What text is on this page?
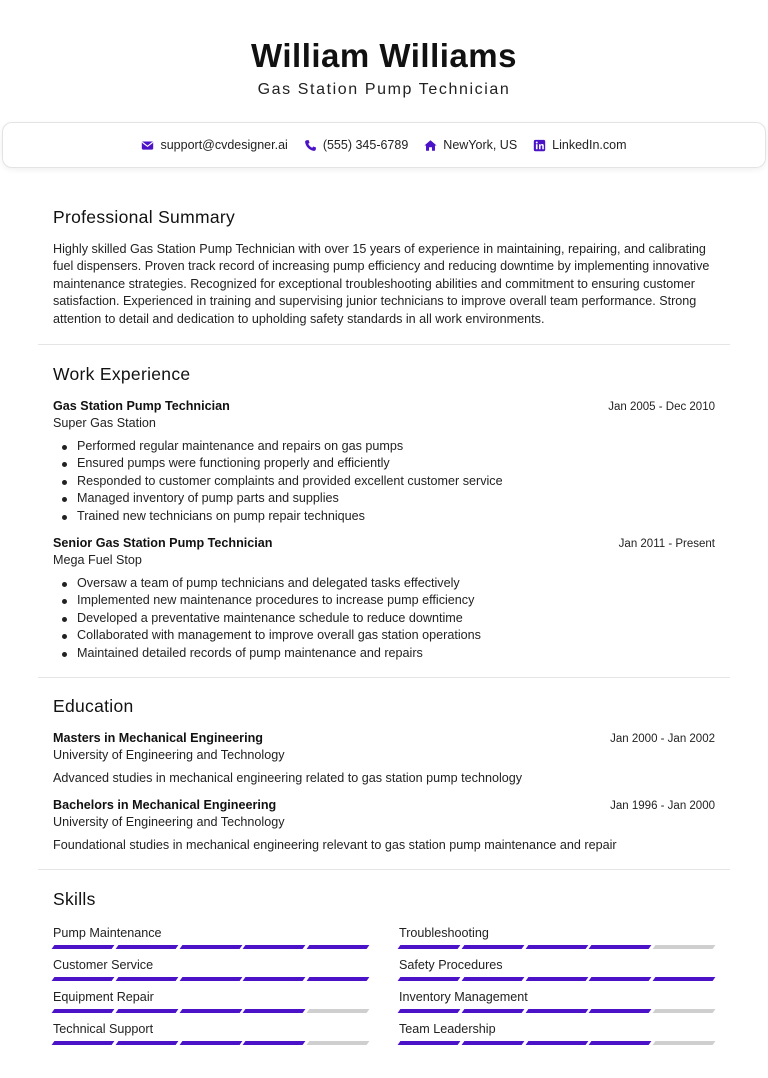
William Williams
Gas Station Pump Technician
support@cvdesigner.ai	(555) 345-6789	NewYork, US	LinkedIn.com
Professional Summary

Highly skilled Gas Station Pump Technician with over 15 years of experience in maintaining, repairing, and calibrating fuel dispensers. Proven track record of increasing pump efficiency and reducing downtime by implementing innovative maintenance strategies. Recognized for exceptional troubleshooting abilities and commitment to ensuring customer satisfaction. Experienced in training and supervising junior technicians to improve overall team performance. Strong attention to detail and dedication to upholding safety standards in all work environments.

Work Experience
Gas Station Pump Technician	Jan 2005 - Dec 2010
Super Gas Station
Performed regular maintenance and repairs on gas pumps
Ensured pumps were functioning properly and efficiently
Responded to customer complaints and provided excellent customer service
Managed inventory of pump parts and supplies
Trained new technicians on pump repair techniques
Senior Gas Station Pump Technician	Jan 2011 - Present
Mega Fuel Stop
Oversaw a team of pump technicians and delegated tasks effectively
Implemented new maintenance procedures to increase pump efficiency
Developed a preventative maintenance schedule to reduce downtime
Collaborated with management to improve overall gas station operations
Maintained detailed records of pump maintenance and repairs
Education
Masters in Mechanical Engineering	Jan 2000 - Jan 2002
University of Engineering and Technology
Advanced studies in mechanical engineering related to gas station pump technology
Bachelors in Mechanical Engineering	Jan 1996 - Jan 2000
University of Engineering and Technology
Foundational studies in mechanical engineering relevant to gas station pump maintenance and repair
Skills
Pump Maintenance	Troubleshooting
Customer Service	Safety Procedures
Equipment Repair	Inventory Management
Technical Support	Team Leadership
